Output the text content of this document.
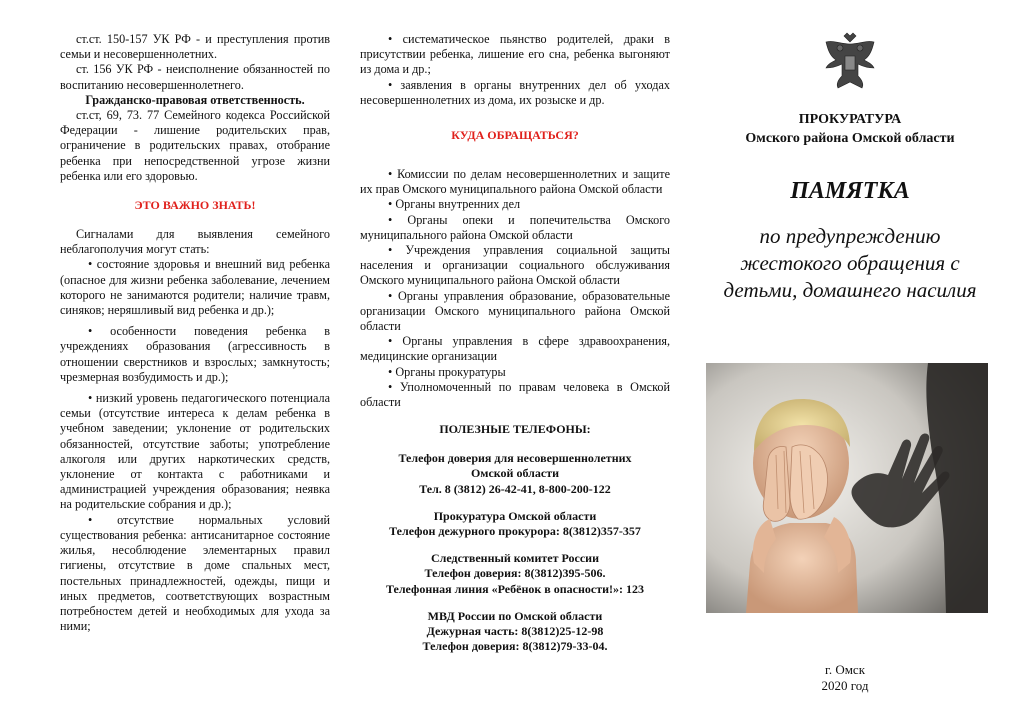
ст.ст. 150-157 УК РФ - и преступления против семьи и несовершеннолетних.

ст. 156 УК РФ - неисполнение обязанностей по воспитанию несовершеннолетнего.

Гражданско-правовая ответственность.

ст.ст, 69, 73. 77 Семейного кодекса Российской Федерации - лишение родительских прав, ограничение в родительских правах, отобрание ребенка при непосредственной угрозе жизни ребенка или его здоровью.

ЭТО ВАЖНО ЗНАТЬ!

Сигналами для выявления семейного неблагополучия могут стать:

• состояние здоровья и внешний вид ребенка (опасное для жизни ребенка заболевание, лечением которого не занимаются родители; наличие травм, синяков; неряшливый вид ребенка и др.);

• особенности поведения ребенка в учреждениях образования (агрессивность в отношении сверстников и взрослых; замкнутость; чрезмерная возбудимость и др.);

• низкий уровень педагогического потенциала семьи (отсутствие интереса к делам ребенка в учебном заведении; уклонение от родительских обязанностей, отсутствие заботы; употребление алкоголя или других наркотических средств, уклонение от контакта с работниками и администрацией учреждения образования; неявка на родительские собрания и др.);

• отсутствие нормальных условий существования ребенка: антисанитарное состояние жилья, несоблюдение элементарных правил гигиены, отсутствие в доме спальных мест, постельных принадлежностей, одежды, пищи и иных предметов, соответствующих возрастным потребностем детей и необходимых для ухода за ними;

• систематическое пьянство родителей, драки в присутствии ребенка, лишение его сна, ребенка выгоняют из дома и др.;

• заявления в органы внутренних дел об уходах несовершеннолетних из дома, их розыске и др.

КУДА ОБРАЩАТЬСЯ?

• Комиссии по делам несовершеннолетних и защите их прав Омского муниципального района Омской области

• Органы внутренних дел

• Органы опеки и попечительства Омского муниципального района Омской области

• Учреждения управления социальной защиты населения и организации социального обслуживания Омского муниципального района Омской области

• Органы управления образование, образовательные организации Омского муниципального района Омской области

• Органы управления в сфере здравоохранения, медицинские организации

• Органы прокуратуры

• Уполномоченный по правам человека в Омской области

ПОЛЕЗНЫЕ ТЕЛЕФОНЫ:
Телефон доверия для несовершеннолетних
Омской области
Тел. 8 (3812) 26-42-41, 8-800-200-122
Прокуратура Омской области
Телефон дежурного прокурора: 8(3812)357-357
Следственный комитет России
Телефон доверия: 8(3812)395-506.
Телефонная линия «Ребёнок в опасности!»: 123
МВД России по Омской области
Дежурная часть: 8(3812)25-12-98
Телефон доверия: 8(3812)79-33-04.
ПРОКУРАТУРА
Омского района Омской области
ПАМЯТКА
по предупреждению
жестокого обращения с
детьми, домашнего насилия
г. Омск
2020 год
